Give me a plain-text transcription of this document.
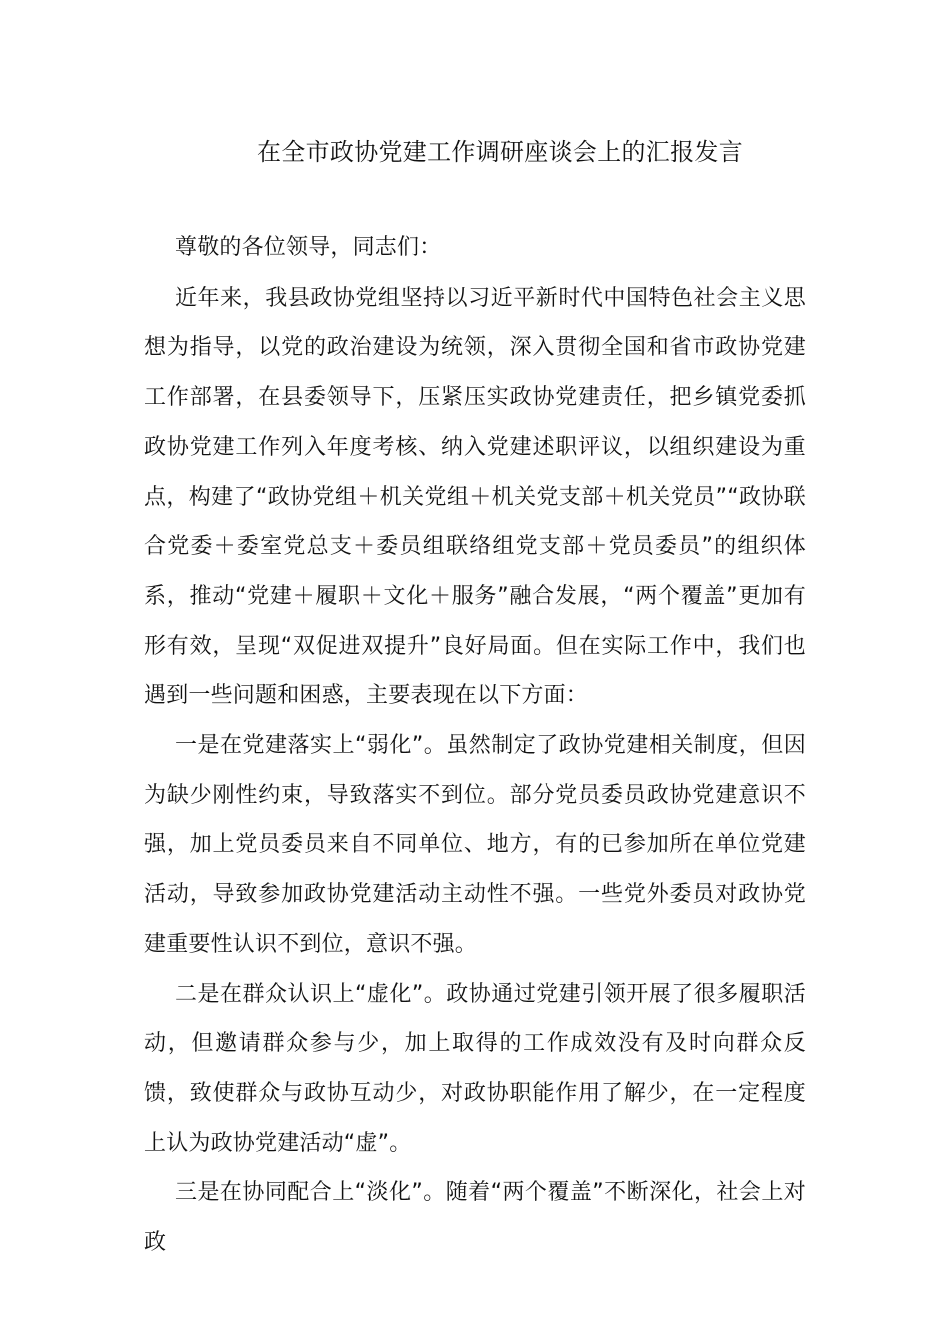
在全市政协党建工作调研座谈会上的汇报发言

尊敬的各位领导，同志们：

近年来，我县政协党组坚持以习近平新时代中国特色社会主义思想为指导，以党的政治建设为统领，深入贯彻全国和省市政协党建工作部署，在县委领导下，压紧压实政协党建责任，把乡镇党委抓政协党建工作列入年度考核、纳入党建述职评议，以组织建设为重点，构建了“政协党组＋机关党组＋机关党支部＋机关党员”“政协联合党委＋委室党总支＋委员组联络组党支部＋党员委员”的组织体系，推动“党建＋履职＋文化＋服务”融合发展，“两个覆盖”更加有形有效，呈现“双促进双提升”良好局面。但在实际工作中，我们也遇到一些问题和困惑，主要表现在以下方面：

一是在党建落实上“弱化”。虽然制定了政协党建相关制度，但因为缺少刚性约束，导致落实不到位。部分党员委员政协党建意识不强，加上党员委员来自不同单位、地方，有的已参加所在单位党建活动，导致参加政协党建活动主动性不强。一些党外委员对政协党建重要性认识不到位，意识不强。

二是在群众认识上“虚化”。政协通过党建引领开展了很多履职活动，但邀请群众参与少，加上取得的工作成效没有及时向群众反馈，致使群众与政协互动少，对政协职能作用了解少，在一定程度上认为政协党建活动“虚”。

三是在协同配合上“淡化”。随着“两个覆盖”不断深化，社会上对政
